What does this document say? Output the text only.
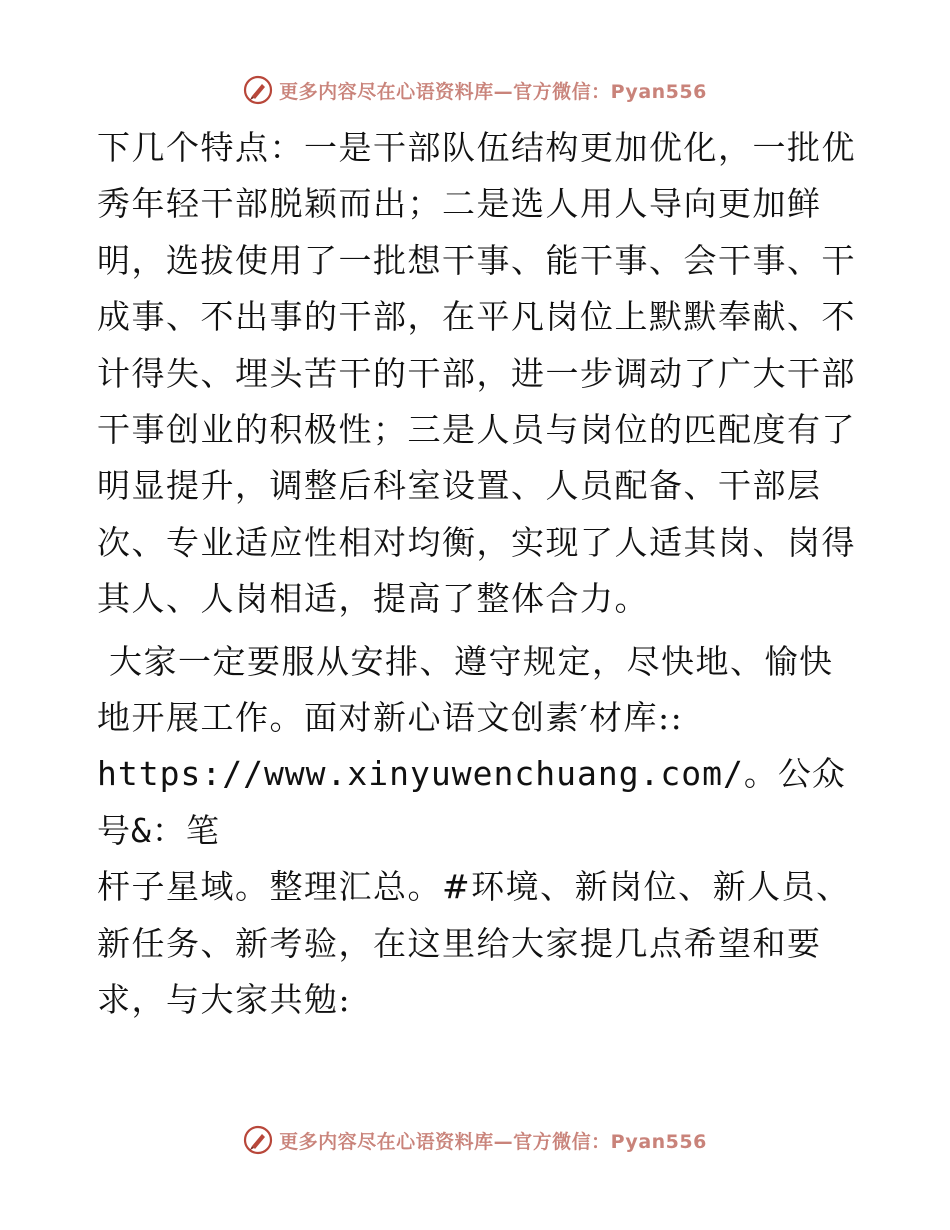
更多内容尽在心语资料库—官方微信：Pyan556

下几个特点：一是干部队伍结构更加优化，一批优
秀年轻干部脱颖而出；二是选人用人导向更加鲜
明，选拔使用了一批想干事、能干事、会干事、干
成事、不出事的干部，在平凡岗位上默默奉献、不
计得失、埋头苦干的干部，进一步调动了广大干部
干事创业的积极性；三是人员与岗位的匹配度有了
明显提升，调整后科室设置、人员配备、干部层
次、专业适应性相对均衡，实现了人适其岗、岗得
其人、人岗相适，提高了整体合力。

大家一定要服从安排、遵守规定，尽快地、愉快
地开展工作。面对新心语文创素′材库::
https://www.xinyuwenchuang.com/。公众号&：笔
杆子星域。整理汇总。#环境、新岗位、新人员、
新任务、新考验，在这里给大家提几点希望和要
求，与大家共勉:

更多内容尽在心语资料库—官方微信：Pyan556
